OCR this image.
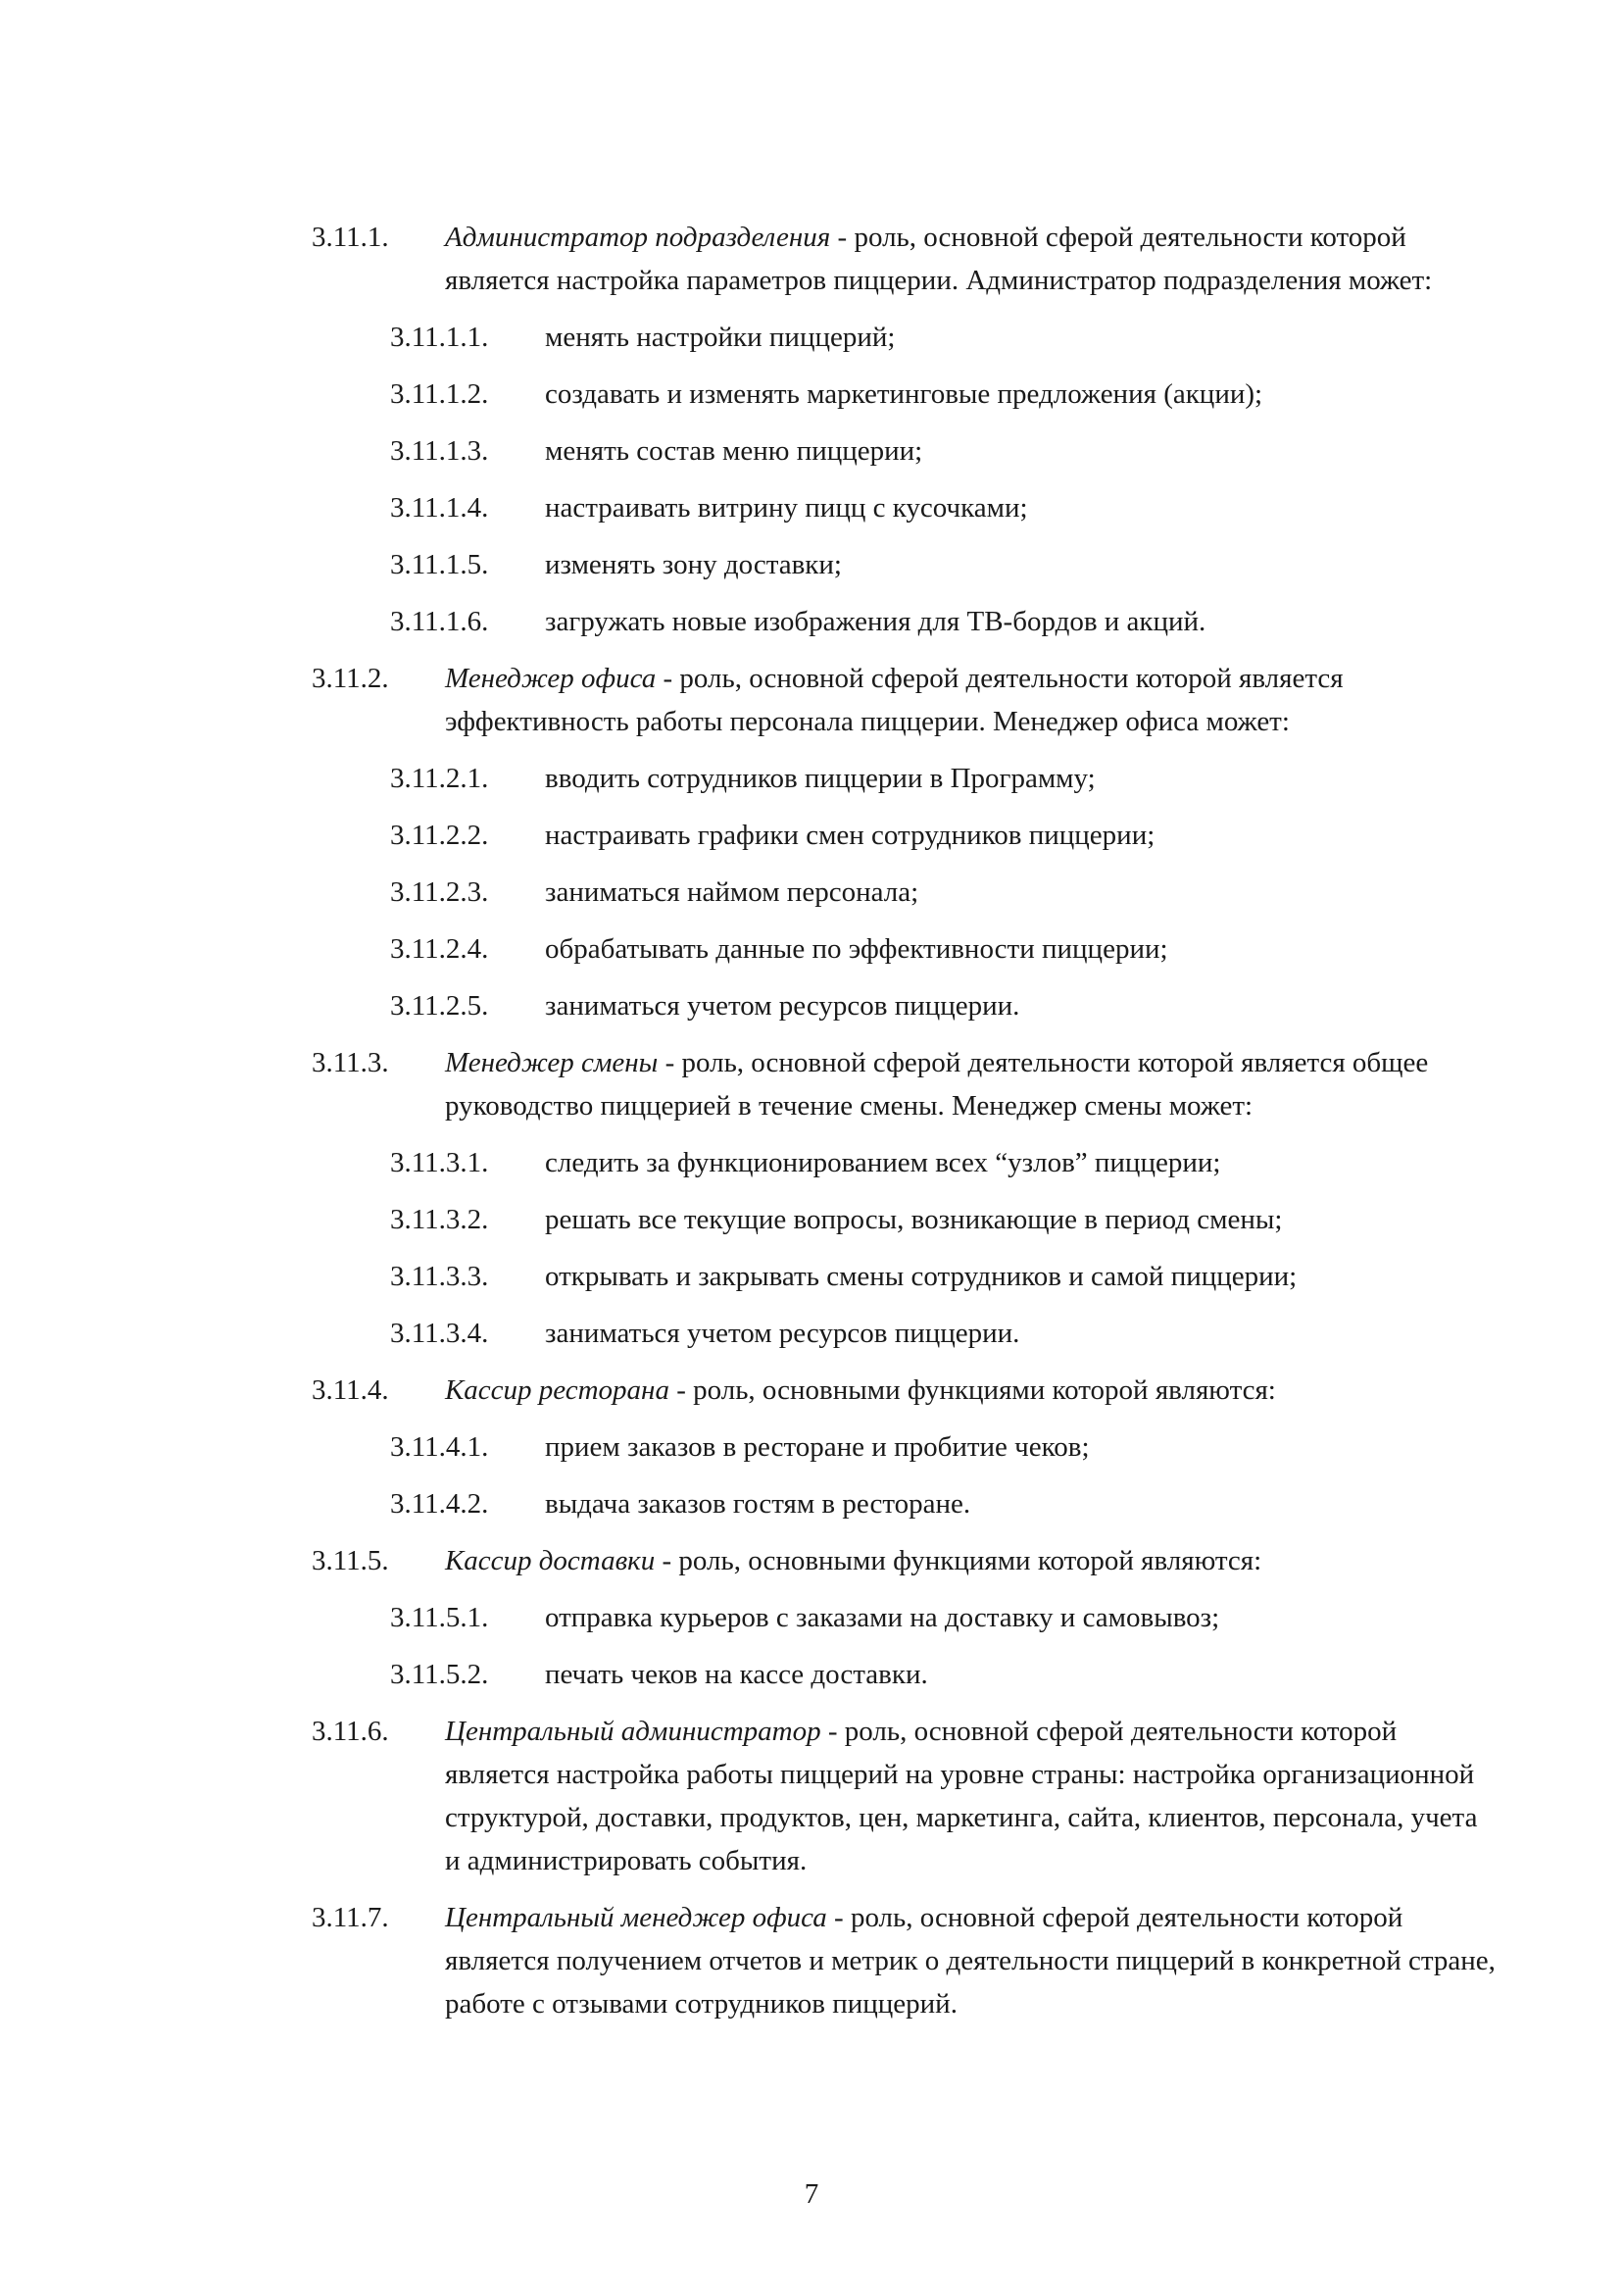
3.11.1. Администратор подразделения - роль, основной сферой деятельности которой является настройка параметров пиццерии. Администратор подразделения может:
3.11.1.1. менять настройки пиццерий;
3.11.1.2. создавать и изменять маркетинговые предложения (акции);
3.11.1.3. менять состав меню пиццерии;
3.11.1.4. настраивать витрину пицц с кусочками;
3.11.1.5. изменять зону доставки;
3.11.1.6. загружать новые изображения для ТВ-бордов и акций.
3.11.2. Менеджер офиса - роль, основной сферой деятельности которой является эффективность работы персонала пиццерии. Менеджер офиса может:
3.11.2.1. вводить сотрудников пиццерии в Программу;
3.11.2.2. настраивать графики смен сотрудников пиццерии;
3.11.2.3. заниматься наймом персонала;
3.11.2.4. обрабатывать данные по эффективности пиццерии;
3.11.2.5. заниматься учетом ресурсов пиццерии.
3.11.3. Менеджер смены - роль, основной сферой деятельности которой является общее руководство пиццерией в течение смены. Менеджер смены может:
3.11.3.1. следить за функционированием всех “узлов” пиццерии;
3.11.3.2. решать все текущие вопросы, возникающие в период смены;
3.11.3.3. открывать и закрывать смены сотрудников и самой пиццерии;
3.11.3.4. заниматься учетом ресурсов пиццерии.
3.11.4. Кассир ресторана - роль, основными функциями которой являются:
3.11.4.1. прием заказов в ресторане и пробитие чеков;
3.11.4.2. выдача заказов гостям в ресторане.
3.11.5. Кассир доставки - роль, основными функциями которой являются:
3.11.5.1. отправка курьеров с заказами на доставку и самовывоз;
3.11.5.2. печать чеков на кассе доставки.
3.11.6. Центральный администратор - роль, основной сферой деятельности которой является настройка работы пиццерий на уровне страны: настройка организационной структурой, доставки, продуктов, цен, маркетинга, сайта, клиентов, персонала, учета и администрировать события.
3.11.7. Центральный менеджер офиса - роль, основной сферой деятельности которой является получением отчетов и метрик о деятельности пиццерий в конкретной стране, работе с отзывами сотрудников пиццерий.
7
